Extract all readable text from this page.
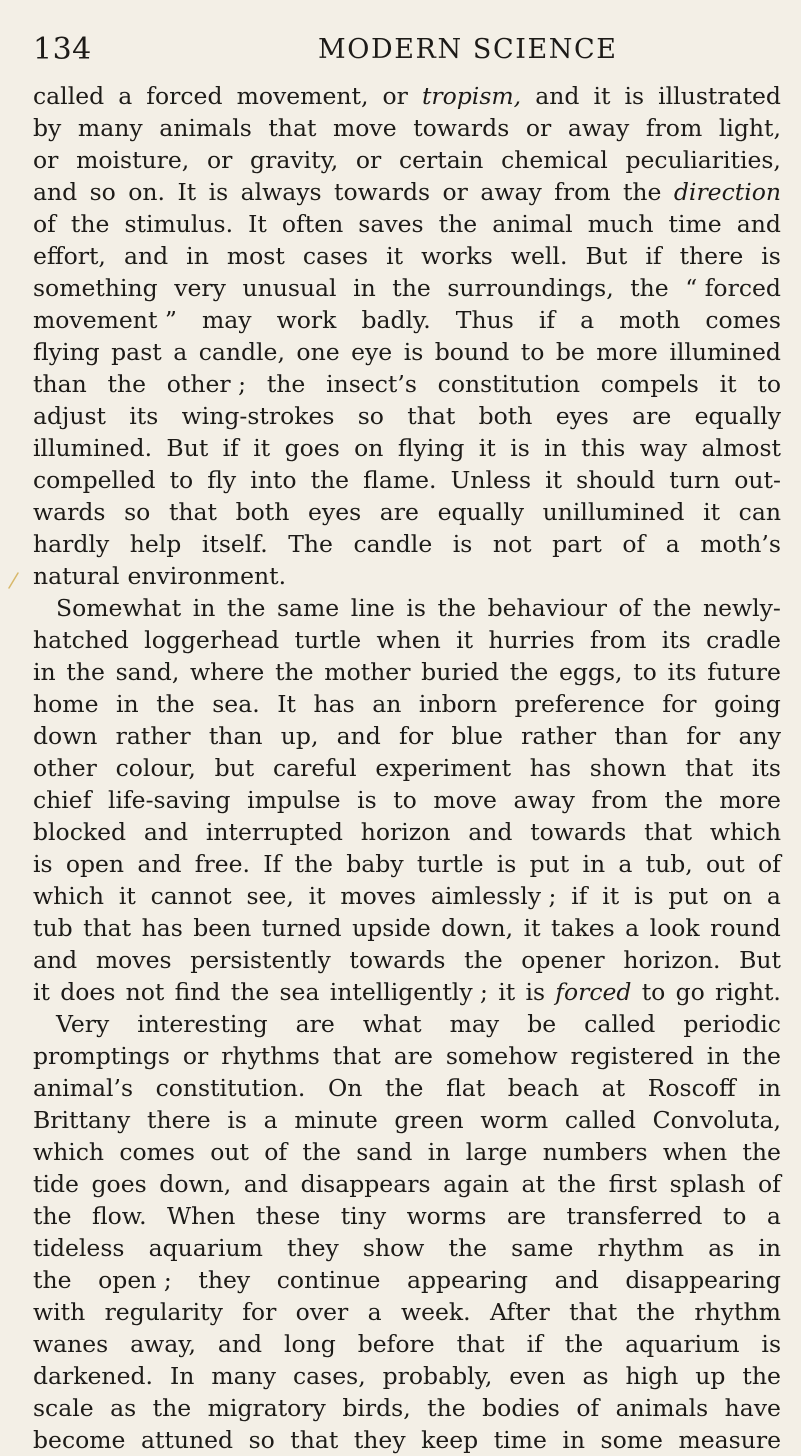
134	MODERN SCIENCE
called a forced movement, or tropism, and it is illustrated
by many animals that move towards or away from light,
or moisture, or gravity, or certain chemical peculiarities,
and so on. It is always towards or away from the direction
of the stimulus. It often saves the animal much time and
effort, and in most cases it works well. But if there is
something very unusual in the surroundings, the “ forced
movement ” may work badly. Thus if a moth comes
flying past a candle, one eye is bound to be more illumined
than the other ; the insect’s constitution compels it to
adjust its wing-strokes so that both eyes are equally
illumined. But if it goes on flying it is in this way almost
compelled to fly into the flame. Unless it should turn out-
wards so that both eyes are equally unillumined it can
hardly help itself. The candle is not part of a moth’s
natural environment.
Somewhat in the same line is the behaviour of the newly-
hatched loggerhead turtle when it hurries from its cradle
in the sand, where the mother buried the eggs, to its future
home in the sea. It has an inborn preference for going
down rather than up, and for blue rather than for any
other colour, but careful experiment has shown that its
chief life-saving impulse is to move away from the more
blocked and interrupted horizon and towards that which
is open and free. If the baby turtle is put in a tub, out of
which it cannot see, it moves aimlessly ; if it is put on a
tub that has been turned upside down, it takes a look round
and moves persistently towards the opener horizon. But
it does not find the sea intelligently ; it is forced to go right.
Very interesting are what may be called periodic
promptings or rhythms that are somehow registered in the
animal’s constitution. On the flat beach at Roscoff in
Brittany there is a minute green worm called Convoluta,
which comes out of the sand in large numbers when the
tide goes down, and disappears again at the first splash of
the flow. When these tiny worms are transferred to a
tideless aquarium they show the same rhythm as in
the open ; they continue appearing and disappearing
with regularity for over a week. After that the rhythm
wanes away, and long before that if the aquarium is
darkened. In many cases, probably, even as high up the
scale as the migratory birds, the bodies of animals have
become attuned so that they keep time in some measure
